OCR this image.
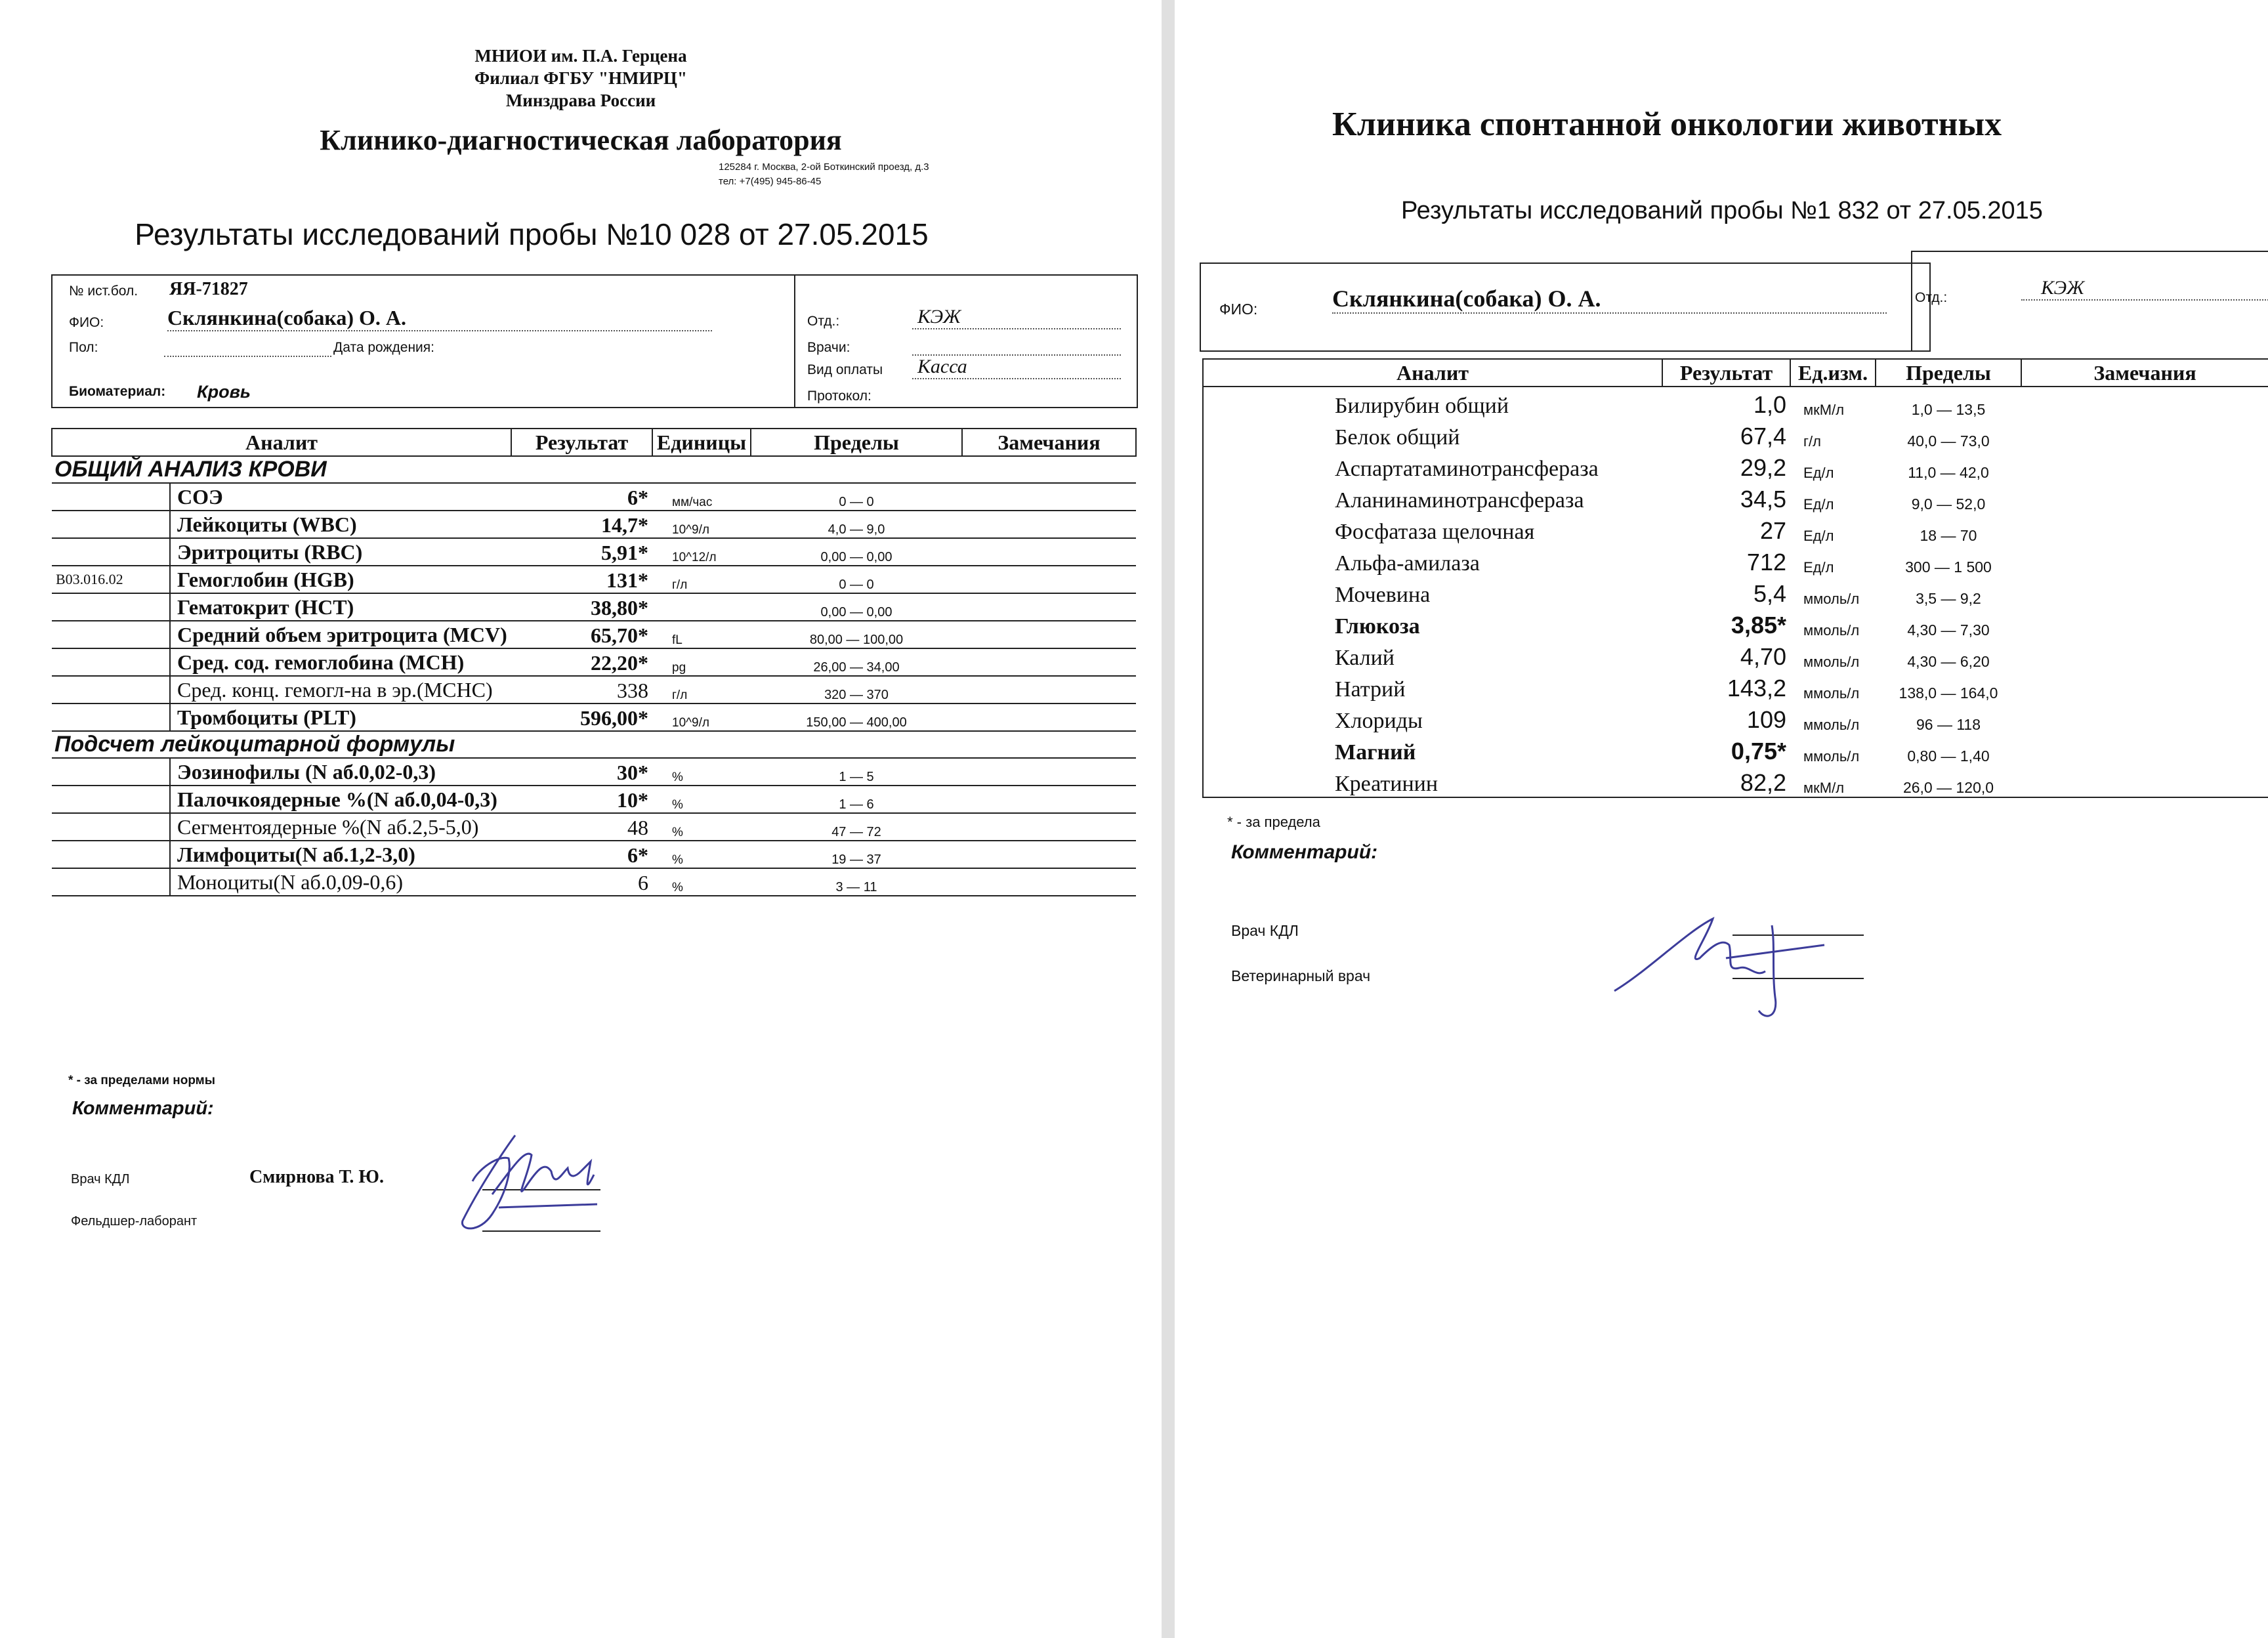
МНИОИ им. П.А. Герцена
Филиал ФГБУ "НМИРЦ"
Минздрава России
Клинико-диагностическая лаборатория
125284 г. Москва, 2-ой Боткинский проезд, д.3
тел: +7(495) 945-86-45
Результаты исследований пробы №10 028 от 27.05.2015
№ ист.бол. ЯЯ-71827
ФИО:	Склянкина(собака) О. А.
Пол:	Дата рождения:
Биоматериал: Кровь
Отд.:	КЭЖ
Врачи:
Вид оплаты Касса
Протокол:
Аналит		Результат	Единицы	Пределы	Замечания
ОБЩИЙ АНАЛИЗ КРОВИ					
	СОЭ	6*	мм/час	0 — 0	
	Лейкоциты (WBC)	14,7*	10^9/л	4,0 — 9,0	
	Эритроциты (RBC)	5,91*	10^12/л	0,00 — 0,00	
B03.016.02	Гемоглобин (HGB)	131*	г/л	0 — 0	
	Гематокрит (HCT)	38,80*		0,00 — 0,00	
	Средний объем эритроцита (MCV)	65,70*	fL	80,00 — 100,00	
	Сред. сод. гемоглобина (MCH)	22,20*	pg	26,00 — 34,00	
	Сред. конц. гемогл-на в эр.(MCHC)	338	г/л	320 — 370	
	Тромбоциты (PLT)	596,00*	10^9/л	150,00 — 400,00	
Подсчет лейкоцитарной формулы					
	Эозинофилы (N аб.0,02-0,3)	30*	%	1 — 5	
	Палочкоядерные %(N аб.0,04-0,3)	10*	%	1 — 6	
	Сегментоядерные %(N аб.2,5-5,0)	48	%	47 — 72	
	Лимфоциты(N аб.1,2-3,0)	6*	%	19 — 37	
	Моноциты(N аб.0,09-0,6)	6	%	3 — 11	
* - за пределами нормы
Комментарий:
Врач КДЛ	Смирнова Т. Ю.
Фельдшер-лаборант
Клиника спонтанной онкологии животных
Результаты исследований пробы №1 832 от 27.05.2015
ФИО:	Склянкина(собака) О. А.	Отд.:	КЭЖ
Аналит	Результат	Ед.изм.	Пределы	Замечания
Билирубин общий	1,0	мкМ/л	1,0 — 13,5	
Белок общий	67,4	г/л	40,0 — 73,0	
Аспартатаминотрансфераза	29,2	Ед/л	11,0 — 42,0	
Аланинаминотрансфераза	34,5	Ед/л	9,0 — 52,0	
Фосфатаза щелочная	27	Ед/л	18 — 70	
Альфа-амилаза	712	Ед/л	300 — 1 500	
Мочевина	5,4	ммоль/л	3,5 — 9,2	
Глюкоза	3,85*	ммоль/л	4,30 — 7,30	
Калий	4,70	ммоль/л	4,30 — 6,20	
Натрий	143,2	ммоль/л	138,0 — 164,0	
Хлориды	109	ммоль/л	96 — 118	
Магний	0,75*	ммоль/л	0,80 — 1,40	
Креатинин	82,2	мкМ/л	26,0 — 120,0	
* - за предела
Комментарий:
Врач КДЛ
Ветеринарный врач
